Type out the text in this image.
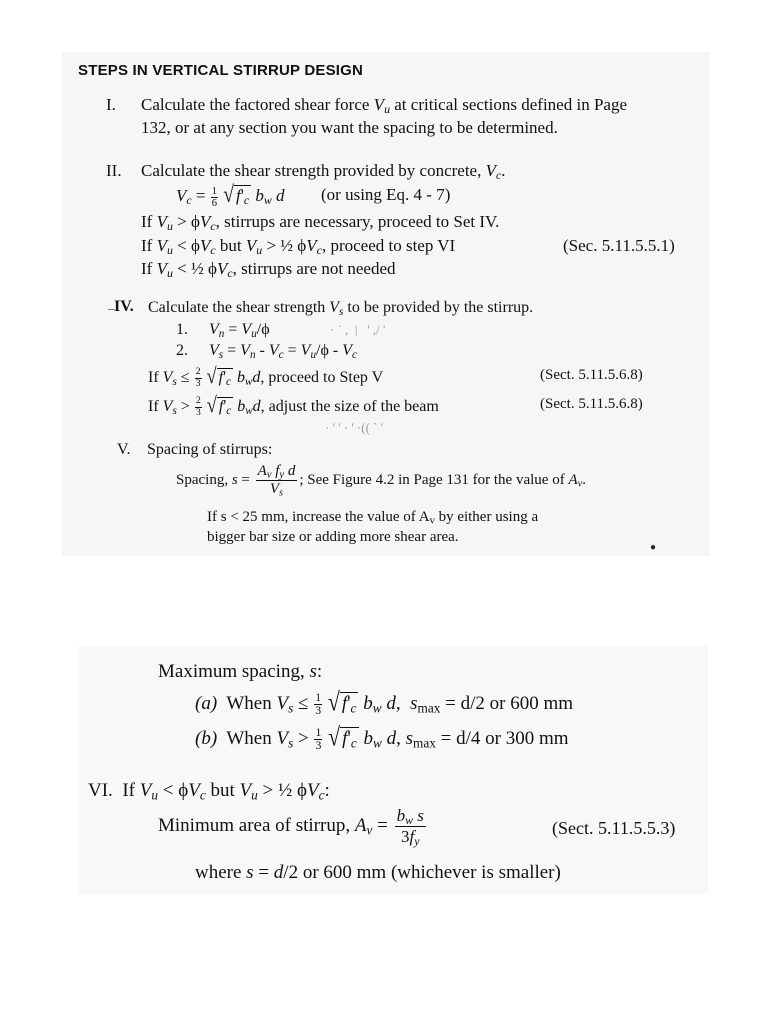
STEPS IN VERTICAL STIRRUP DESIGN
I. Calculate the factored shear force $V_u$ at critical sections defined in Page
132, or at any section you want the spacing to be determined.
II. Calculate the shear strength provided by concrete, $V_c$.
$V_c = \frac{1}{6}$ √ $f'_c$ $b_w$ d (or using Eq. 4 - 7)
If $V_u > \phi V_c$, stirrups are necessary, proceed to Set IV.
If $V_u < \phi V_c$ but $V_u$ > ½ $\phi V_c$, proceed to step VI	(Sec. 5.11.5.5.1)
If $V_u$ < ½ $\phi V_c$, stirrups are not needed
IV. Calculate the shear strength $V_s$ to be provided by the stirrup.
1. $V_n = V_u/\phi$
2. $V_s = V_n - V_c = V_u/\phi - V_c$
If $V_s \le \frac{2}{3}$ √ $f'_c$ $b_wd$, proceed to Step V	(Sect. 5.11.5.6.8)
If $V_s > \frac{2}{3}$ √ $f'_c$ $b_wd$, adjust the size of the beam	(Sect. 5.11.5.6.8)
V. Spacing of stirrups:
Spacing, $s = \frac{A_v f_y d}{V_s}$ ; See Figure 4.2 in Page 131 for the value of $A_v$.
If s < 25 mm, increase the value of $A_v$ by either using a
bigger bar size or adding more shear area.
Maximum spacing, s:
(a) When $V_s \le \frac{1}{3}$ √ $f'_c$ $b_w$ d,  $s_{max} = d/2$ or 600 mm
(b) When $V_s > \frac{1}{3}$ √ $f'_c$ $b_w$ d, $s_{max} = d/4$ or 300 mm
VI.  If $V_u < \phi V_c$ but $V_u$ > ½ $\phi V_c$:
Minimum area of stirrup, $A_v = \frac{b_w s}{3f_y}$	(Sect. 5.11.5.5.3)
where s = d/2 or 600 mm (whichever is smaller)
· ˙ ,  |   ' ,/ '
· ' ' · ' ·(( ` '
●
_
